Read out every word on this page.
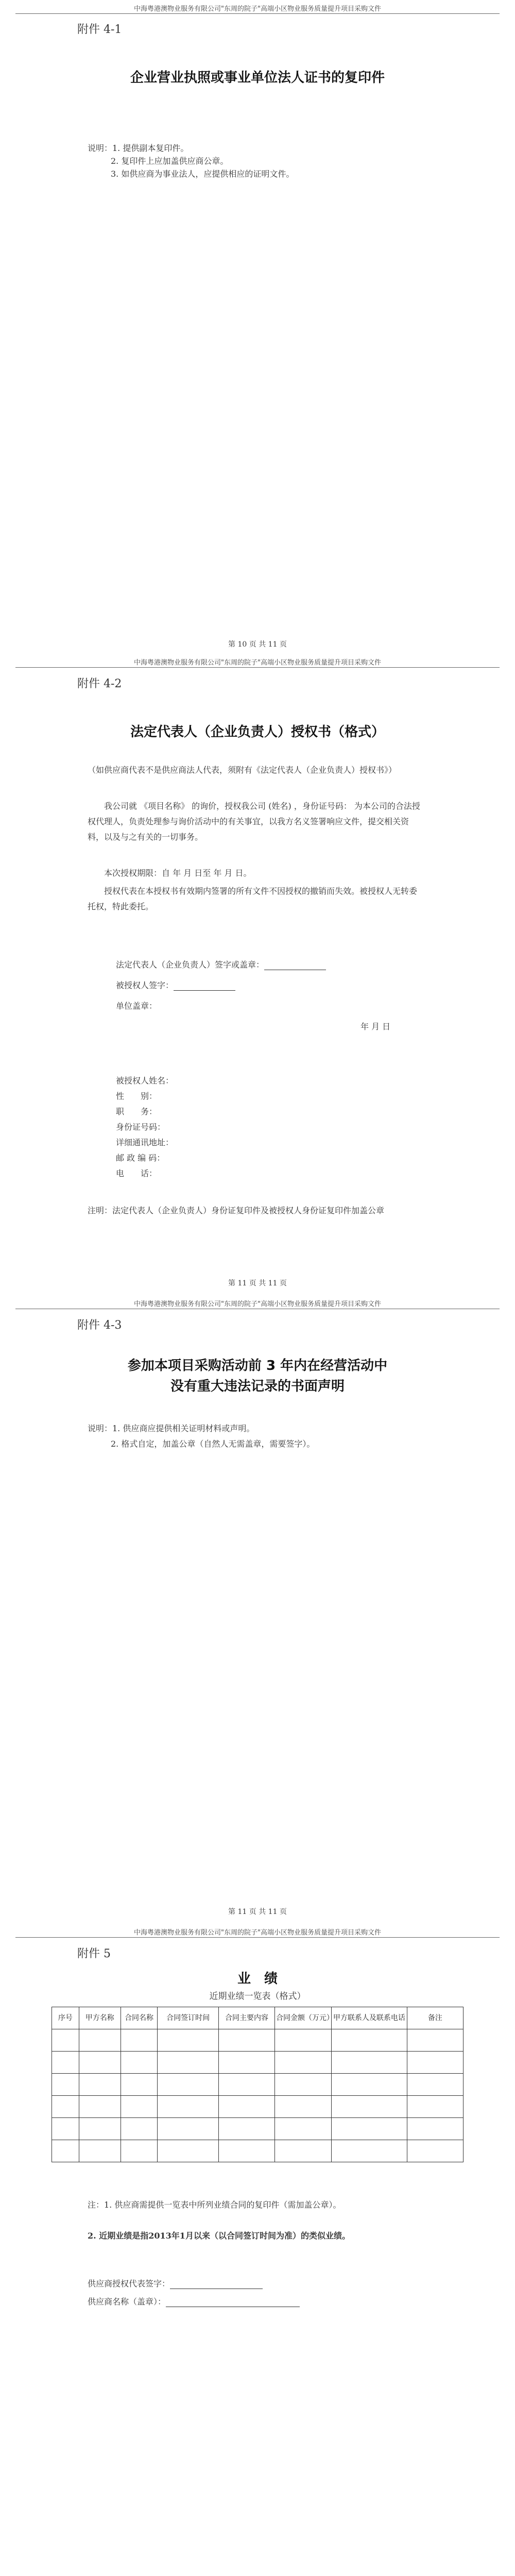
中海粤港澳物业服务有限公司"东周的院子"高端小区物业服务质量提升项目采购文件
附件 4-1
企业营业执照或事业单位法人证书的复印件
说明：1. 提供副本复印件。
2. 复印件上应加盖供应商公章。
3. 如供应商为事业法人，应提供相应的证明文件。
第 10 页 共 11 页
中海粤港澳物业服务有限公司"东周的院子"高端小区物业服务质量提升项目采购文件
附件 4-2
法定代表人（企业负责人）授权书（格式）
（如供应商代表不是供应商法人代表，须附有《法定代表人（企业负责人）授权书》）
我公司就 《项目名称》 的询价，授权我公司 (姓名) ，身份证号码： 为本公司的合法授权代理人，负责处理参与询价活动中的有关事宜，以我方名义签署响应文件，提交相关资料，以及与之有关的一切事务。
本次授权期限：自 年 月 日至 年 月 日。
授权代表在本授权书有效期内签署的所有文件不因授权的撤销而失效。被授权人无转委托权，特此委托。
法定代表人（企业负责人）签字或盖章：
被授权人签字：
单位盖章：
年 月 日
被授权人姓名：
性　　别：
职　　务：
身份证号码：
详细通讯地址：
邮 政 编 码：
电　　话：
注明：法定代表人（企业负责人）身份证复印件及被授权人身份证复印件加盖公章
第 11 页 共 11 页
中海粤港澳物业服务有限公司"东周的院子"高端小区物业服务质量提升项目采购文件
附件 4-3
参加本项目采购活动前 3 年内在经营活动中
没有重大违法记录的书面声明
说明：1. 供应商应提供相关证明材料或声明。
2. 格式自定，加盖公章（自然人无需盖章，需要签字）。
第 11 页 共 11 页
中海粤港澳物业服务有限公司"东周的院子"高端小区物业服务质量提升项目采购文件
附件 5
业　绩
近期业绩一览表（格式）
序号	甲方名称	合同名称	合同签订时间	合同主要内容	合同金额（万元）	甲方联系人及联系电话	备注

注：1. 供应商需提供一览表中所列业绩合同的复印件（需加盖公章）。
2. 近期业绩是指2013年1月以来（以合同签订时间为准）的类似业绩。
供应商授权代表签字：
供应商名称（盖章）：
